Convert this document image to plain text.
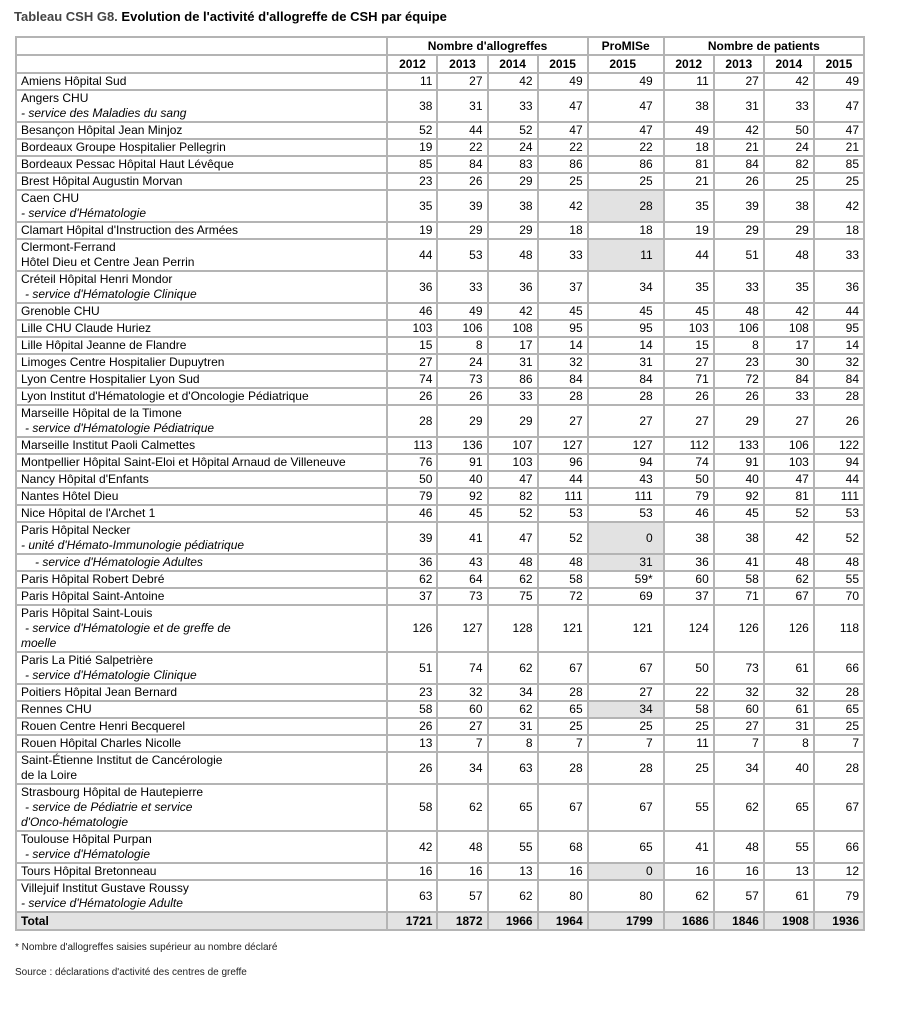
Tableau CSH G8. Evolution de l'activité d'allogreffe de CSH par équipe
	Nombre d'allogreffes				ProMISe	Nombre de patients			
	2012	2013	2014	2015	2015	2012	2013	2014	2015

Amiens Hôpital Sud	11	27	42	49	49	11	27	42	49

Angers CHU
- service des Maladies du sang	38	31	33	47	47	38	31	33	47

Besançon Hôpital Jean Minjoz	52	44	52	47	47	49	42	50	47

Bordeaux Groupe Hospitalier Pellegrin	19	22	24	22	22	18	21	24	21

Bordeaux Pessac Hôpital Haut Lévêque	85	84	83	86	86	81	84	82	85

Brest Hôpital Augustin Morvan	23	26	29	25	25	21	26	25	25

Caen CHU
- service d'Hématologie	35	39	38	42	28	35	39	38	42

Clamart Hôpital d'Instruction des Armées	19	29	29	18	18	19	29	29	18

Clermont-Ferrand
Hôtel Dieu et Centre Jean Perrin	44	53	48	33	11	44	51	48	33

Créteil Hôpital Henri Mondor
- service d'Hématologie Clinique	36	33	36	37	34	35	33	35	36

Grenoble CHU	46	49	42	45	45	45	48	42	44

Lille CHU Claude Huriez	103	106	108	95	95	103	106	108	95

Lille Hôpital Jeanne de Flandre	15	8	17	14	14	15	8	17	14

Limoges Centre Hospitalier Dupuytren	27	24	31	32	31	27	23	30	32

Lyon Centre Hospitalier Lyon Sud	74	73	86	84	84	71	72	84	84

Lyon Institut d'Hématologie et d'Oncologie Pédiatrique	26	26	33	28	28	26	26	33	28

Marseille Hôpital de la Timone
- service d'Hématologie Pédiatrique	28	29	29	27	27	27	29	27	26

Marseille Institut Paoli Calmettes	113	136	107	127	127	112	133	106	122

Montpellier Hôpital Saint-Eloi et Hôpital Arnaud de Villeneuve	76	91	103	96	94	74	91	103	94

Nancy Hôpital d'Enfants	50	40	47	44	43	50	40	47	44

Nantes Hôtel Dieu	79	92	82	111	111	79	92	81	111

Nice Hôpital de l'Archet 1	46	45	52	53	53	46	45	52	53

Paris Hôpital Necker
- unité d'Hémato-Immunologie pédiatrique	39	41	47	52	0	38	38	42	52

- service d'Hématologie Adultes	36	43	48	48	31	36	41	48	48

Paris Hôpital Robert Debré	62	64	62	58	59*	60	58	62	55

Paris Hôpital Saint-Antoine	37	73	75	72	69	37	71	67	70

Paris Hôpital Saint-Louis
- service d'Hématologie et de greffe de
moelle	126	127	128	121	121	124	126	126	118

Paris La Pitié Salpetrière
- service d'Hématologie Clinique	51	74	62	67	67	50	73	61	66

Poitiers Hôpital Jean Bernard	23	32	34	28	27	22	32	32	28

Rennes CHU	58	60	62	65	34	58	60	61	65

Rouen Centre Henri Becquerel	26	27	31	25	25	25	27	31	25

Rouen Hôpital Charles Nicolle	13	7	8	7	7	11	7	8	7

Saint-Étienne Institut de Cancérologie
de la Loire	26	34	63	28	28	25	34	40	28

Strasbourg Hôpital de Hautepierre
- service de Pédiatrie et service
d'Onco-hématologie	58	62	65	67	67	55	62	65	67

Toulouse Hôpital Purpan
- service d'Hématologie	42	48	55	68	65	41	48	55	66

Tours Hôpital Bretonneau	16	16	13	16	0	16	16	13	12

Villejuif Institut Gustave Roussy
- service d'Hématologie Adulte	63	57	62	80	80	62	57	61	79
Total	1721	1872	1966	1964	1799	1686	1846	1908	1936
* Nombre d'allogreffes saisies supérieur au nombre déclaré
Source : déclarations d'activité des centres de greffe
